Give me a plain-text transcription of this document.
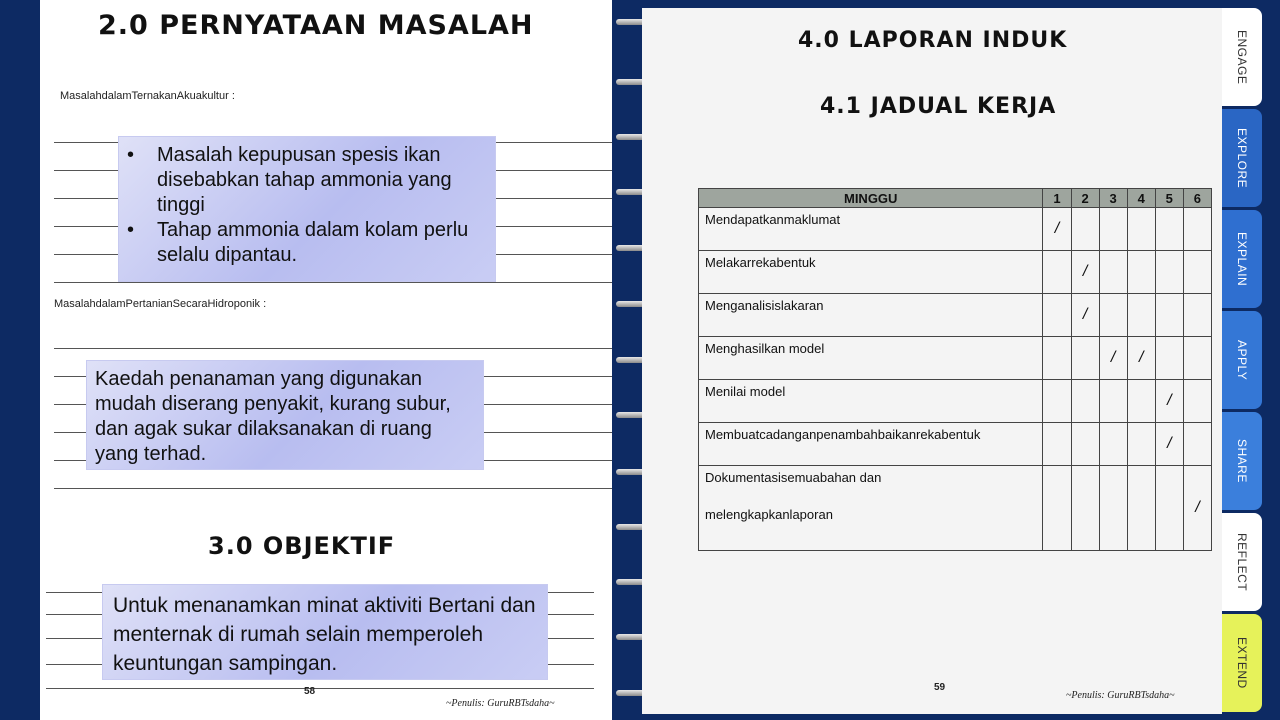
2.0 PERNYATAAN MASALAH
MasalahdalamTernakanAkuakultur :
• Masalah kepupusan spesis ikan disebabkan tahap ammonia yang tinggi
• Tahap ammonia dalam kolam perlu selalu dipantau.
MasalahdalamPertanianSecaraHidroponik :

Kaedah penanaman yang digunakan mudah diserang penyakit, kurang subur, dan agak sukar dilaksanakan di ruang yang terhad.

3.0 OBJEKTIF

Untuk menanamkan minat aktiviti Bertani dan menternak di rumah selain memperoleh keuntungan sampingan.

58
~Penulis: GuruRBTsdaha~
4.0 LAPORAN INDUK
4.1 JADUAL KERJA
MINGGU	1	2	3	4	5	6
Mendapatkanmaklumat	/					
Melakarrekabentuk		/				
Menganalisislakaran		/				
Menghasilkan model			/	/		
Menilai model					/	
Membuatcadanganpenambahbaikanrekabentuk					/	
Dokumentasisemuabahan dan
melengkapkanlaporan						/
59
~Penulis: GuruRBTsdaha~
ENGAGE
EXPLORE
EXPLAIN
APPLY
SHARE
REFLECT
EXTEND
